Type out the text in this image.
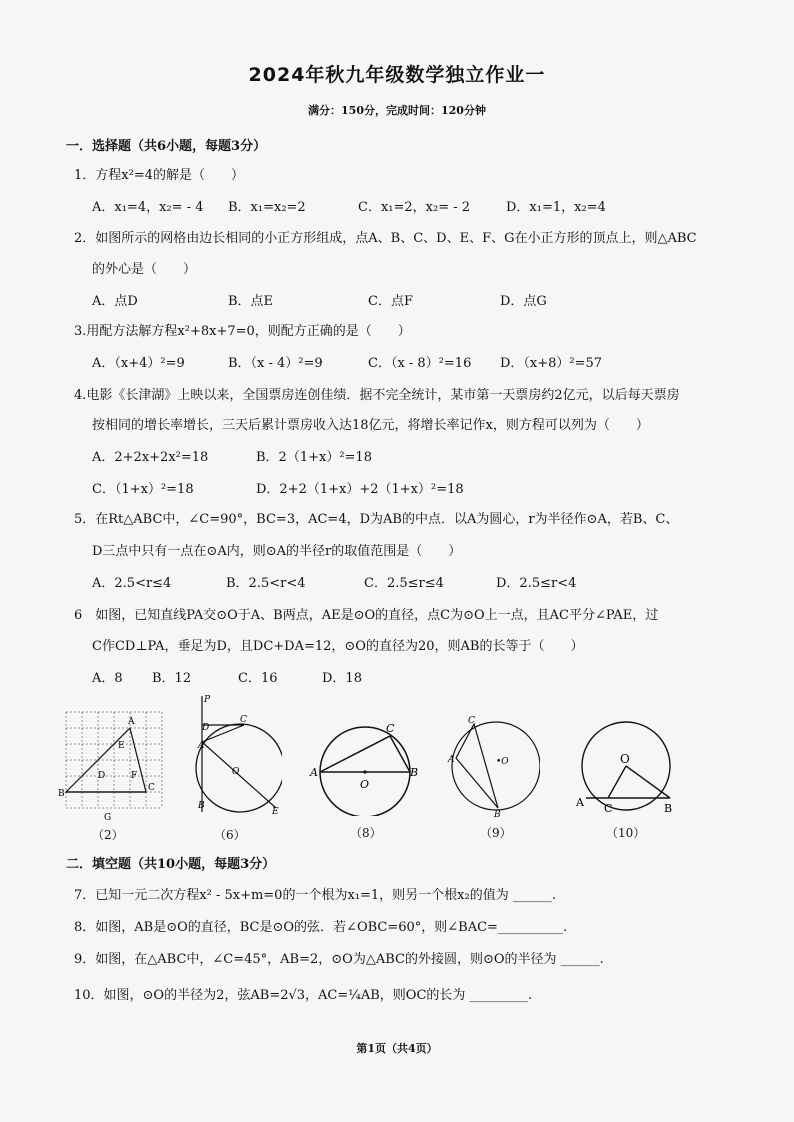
2024年秋九年级数学独立作业一
满分：150分，完成时间：120分钟
一．选择题（共6小题，每题3分）
1．方程x²=4的解是（　　）
A．x₁=4，x₂= - 4 B．x₁=x₂=2	C．x₁=2，x₂= - 2	D．x₁=1，x₂=4
2．如图所示的网格由边长相同的小正方形组成，点A、B、C、D、E、F、G在小正方形的顶点上，则△ABC
的外心是（　　）
A．点D	B．点E	C．点F	D．点G
3.用配方法解方程x²+8x+7=0，则配方正确的是（　　）
A．（x+4）²=9	B．（x - 4）²=9	C．（x - 8）²=16 D．（x+8）²=57
4.电影《长津湖》上映以来，全国票房连创佳绩．据不完全统计，某市第一天票房约2亿元，以后每天票房
按相同的增长率增长，三天后累计票房收入达18亿元，将增长率记作x，则方程可以列为（　　）
A．2+2x+2x²=18	B．2（1+x）²=18
C．（1+x）²=18	D．2+2（1+x）+2（1+x）²=18
5．在Rt△ABC中，∠C=90°，BC=3，AC=4，D为AB的中点．以A为圆心，r为半径作⊙A，若B、C、
D三点中只有一点在⊙A内，则⊙A的半径r的取值范围是（　　）
A．2.5<r≤4	B．2.5<r<4	C．2.5≤r≤4	D．2.5≤r<4
6　如图，已知直线PA交⊙O于A、B两点，AE是⊙O的直径，点C为⊙O上一点，且AC平分∠PAE，过
C作CD⊥PA，垂足为D，且DC+DA=12，⊙O的直径为20，则AB的长等于（　　）
A．8 B．12	C．16	D．18
A
B
C
D
E
F
G
（2）
P
D
C
A
O
B
E
（6）
A	B
C
O
（8）
A
C
B
•O
（9）
O
A C	B
（10）
二．填空题（共10小题，每题3分）
7．已知一元二次方程x² - 5x+m=0的一个根为x₁=1，则另一个根x₂的值为 ______.
8．如图，AB是⊙O的直径，BC是⊙O的弦．若∠OBC=60°，则∠BAC=__________.
9．如图，在△ABC中，∠C=45°，AB=2，⊙O为△ABC的外接圆，则⊙O的半径为 ______.
10．如图，⊙O的半径为2，弦AB=2√3，AC=¼AB，则OC的长为 _________.
第1页（共4页）
